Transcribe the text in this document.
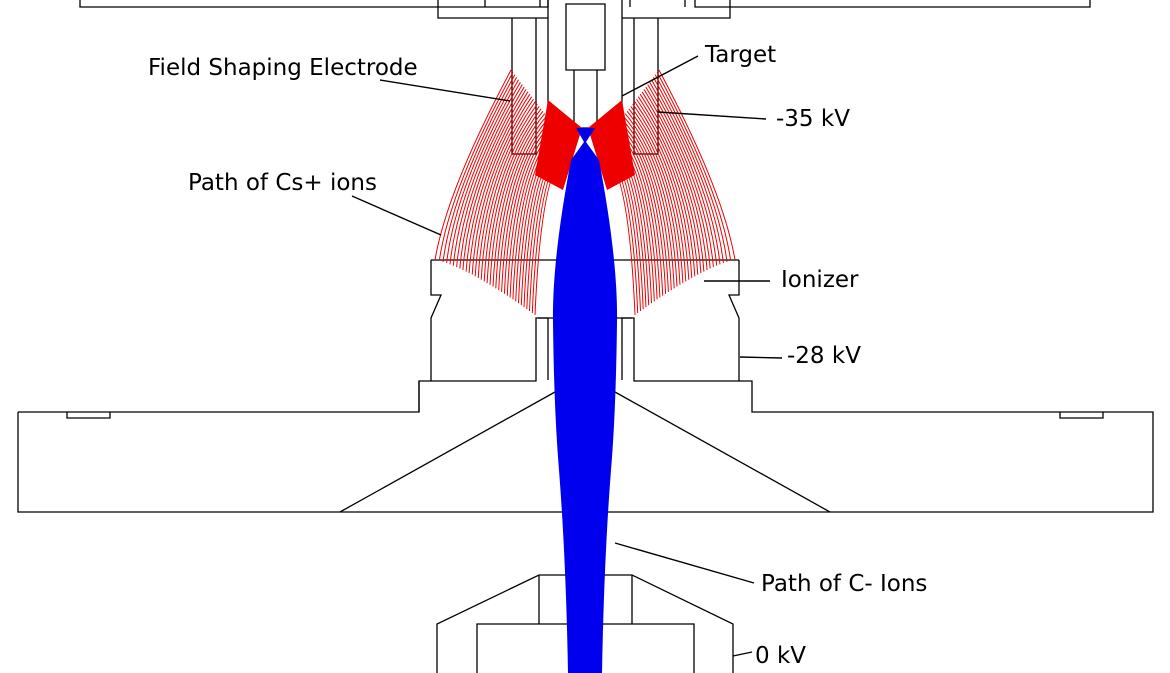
Field Shaping Electrode	Target
-35 kV
Path of Cs+ ions
Ionizer
-28 kV
Path of C- Ions
0 kV
